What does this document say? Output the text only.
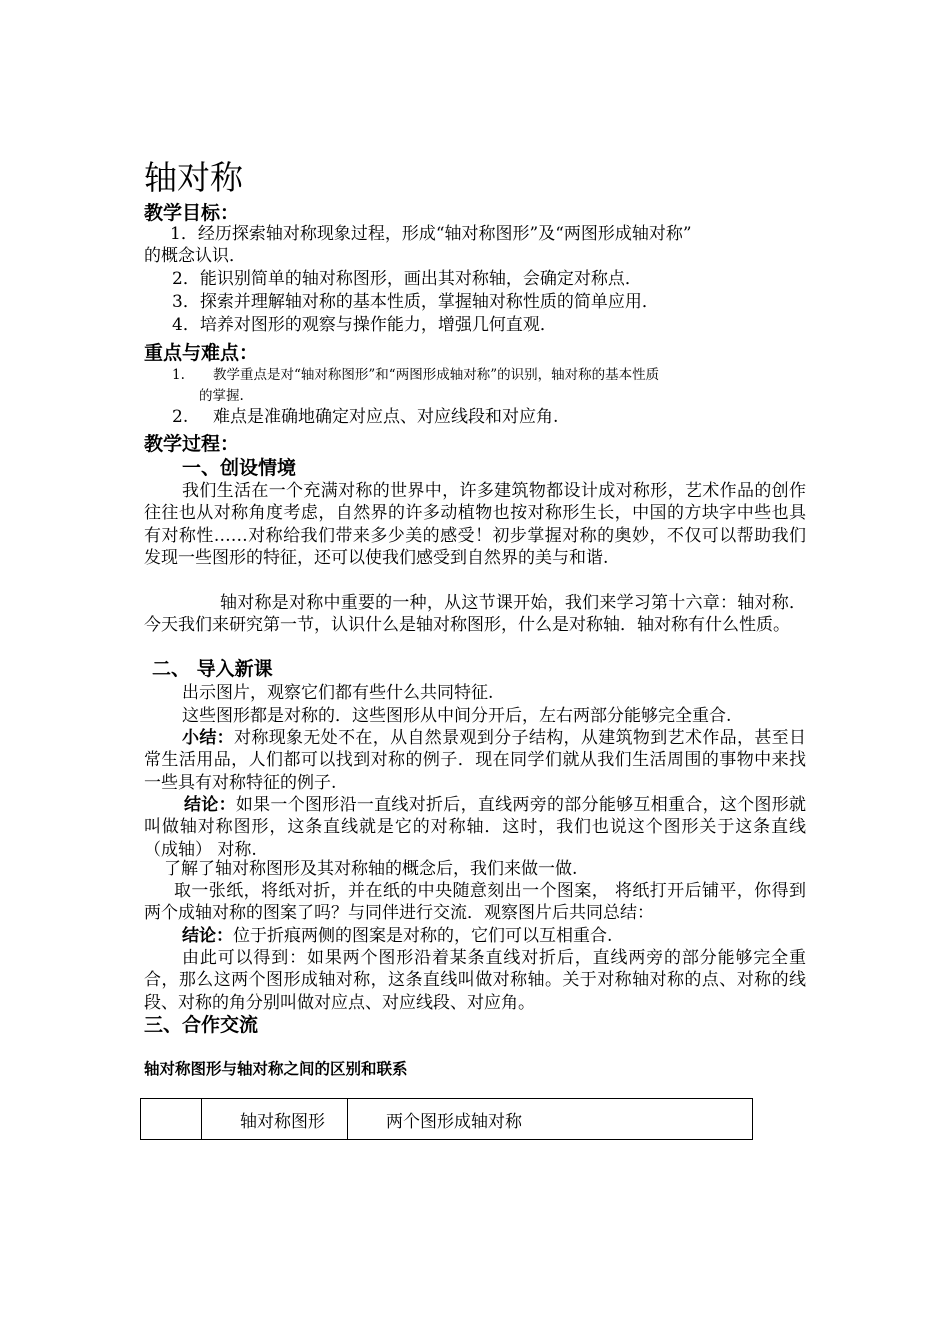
轴对称
教学目标：
1．经历探索轴对称现象过程，形成“轴对称图形”及“两图形成轴对称”
的概念认识．
2．能识别简单的轴对称图形，画出其对称轴，会确定对称点．
3．探索并理解轴对称的基本性质，掌握轴对称性质的简单应用．
4．培养对图形的观察与操作能力，增强几何直观．
重点与难点：
1. 教学重点是对“轴对称图形”和“两图形成轴对称”的识别，轴对称的基本性质
的掌握.
2. 难点是准确地确定对应点、对应线段和对应角.
教学过程：
一、创设情境

我们生活在一个充满对称的世界中，许多建筑物都设计成对称形，艺术作品的创作往往也从对称角度考虑，自然界的许多动植物也按对称形生长，中国的方块字中些也具有对称性……对称给我们带来多少美的感受！初步掌握对称的奥妙，不仅可以帮助我们发现一些图形的特征，还可以使我们感受到自然界的美与和谐.

轴对称是对称中重要的一种，从这节课开始，我们来学习第十六章：轴对称．今天我们来研究第一节，认识什么是轴对称图形，什么是对称轴．轴对称有什么性质。

二、 导入新课
出示图片，观察它们都有些什么共同特征.
这些图形都是对称的．这些图形从中间分开后，左右两部分能够完全重合.

小结：对称现象无处不在，从自然景观到分子结构，从建筑物到艺术作品，甚至日常生活用品，人们都可以找到对称的例子．现在同学们就从我们生活周围的事物中来找一些具有对称特征的例子.

结论：如果一个图形沿一直线对折后，直线两旁的部分能够互相重合，这个图形就叫做轴对称图形，这条直线就是它的对称轴．这时，我们也说这个图形关于这条直线（成轴） 对称.

了解了轴对称图形及其对称轴的概念后，我们来做一做.

取一张纸，将纸对折，并在纸的中央随意刻出一个图案， 将纸打开后铺平，你得到两个成轴对称的图案了吗？与同伴进行交流．观察图片后共同总结：

结论：位于折痕两侧的图案是对称的，它们可以互相重合.

由此可以得到：如果两个图形沿着某条直线对折后，直线两旁的部分能够完全重合，那么这两个图形成轴对称，这条直线叫做对称轴。关于对称轴对称的点、对称的线段、对称的角分别叫做对应点、对应线段、对应角。

三、合作交流
轴对称图形与轴对称之间的区别和联系
	轴对称图形	两个图形成轴对称
